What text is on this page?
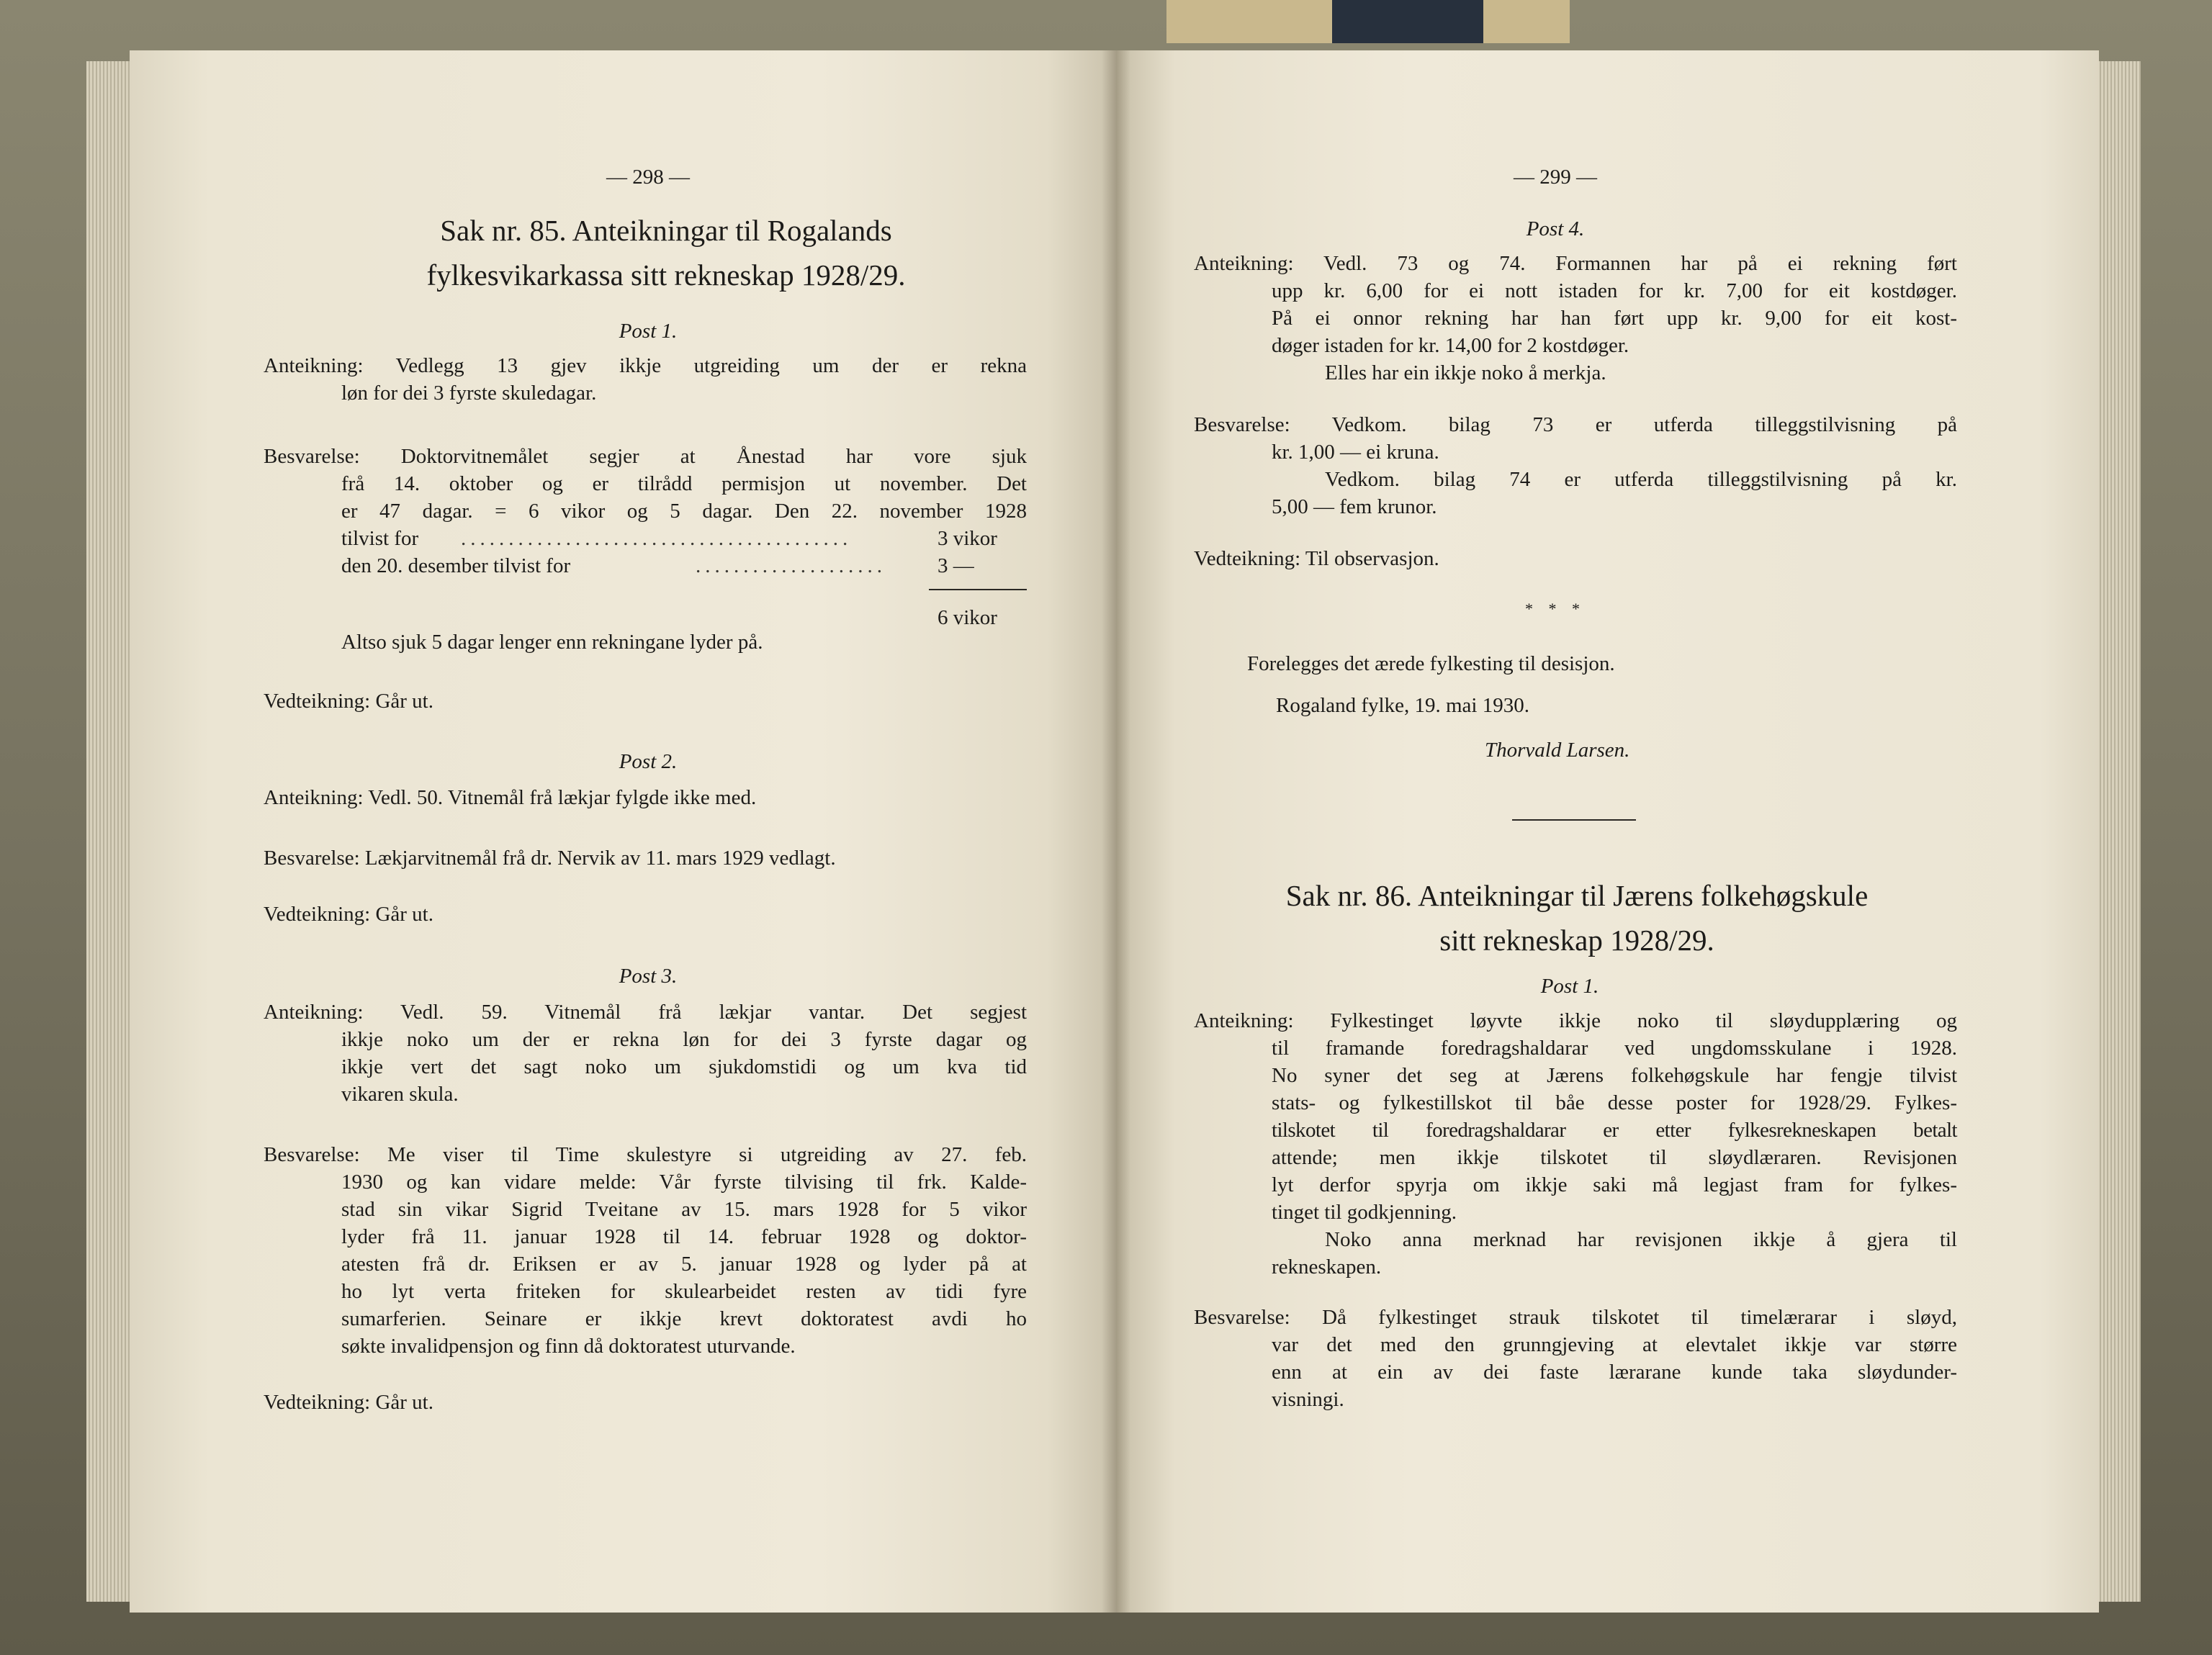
— 298 —
Sak nr. 85. Anteikningar til Rogalands
fylkesvikarkassa sitt rekneskap 1928/29.
Post 1.
Anteikning: Vedlegg 13 gjev ikkje utgreiding um der er rekna
løn for dei 3 fyrste skuledagar.
Besvarelse: Doktorvitnemålet segjer at Ånestad har vore sjuk
frå 14. oktober og er tilrådd permisjon ut november. Det
er 47 dagar. = 6 vikor og 5 dagar. Den 22. november 1928
tilvist for .........................................	3 vikor
den 20. desember tilvist for	.................... 3 —
6 vikor
Altso sjuk 5 dagar lenger enn rekningane lyder på.
Vedteikning: Går ut.
Post 2.
Anteikning: Vedl. 50. Vitnemål frå lækjar fylgde ikke med.
Besvarelse: Lækjarvitnemål frå dr. Nervik av 11. mars 1929 vedlagt.
Vedteikning: Går ut.
Post 3.
Anteikning: Vedl. 59. Vitnemål frå lækjar vantar. Det segjest
ikkje noko um der er rekna løn for dei 3 fyrste dagar og
ikkje vert det sagt noko um sjukdomstidi og um kva tid
vikaren skula.
Besvarelse: Me viser til Time skulestyre si utgreiding av 27. feb.
1930 og kan vidare melde: Vår fyrste tilvising til frk. Kalde-
stad sin vikar Sigrid Tveitane av 15. mars 1928 for 5 vikor
lyder frå 11. januar 1928 til 14. februar 1928 og doktor-
atesten frå dr. Eriksen er av 5. januar 1928 og lyder på at
ho lyt verta friteken for skulearbeidet resten av tidi fyre
sumarferien. Seinare er ikkje krevt doktoratest avdi ho
søkte invalidpensjon og finn då doktoratest uturvande.
Vedteikning: Går ut.
— 299 —
Post 4.
Anteikning: Vedl. 73 og 74. Formannen har på ei rekning ført
upp kr. 6,00 for ei nott istaden for kr. 7,00 for eit kostdøger.
På ei onnor rekning har han ført upp kr. 9,00 for eit kost-
døger istaden for kr. 14,00 for 2 kostdøger.
Elles har ein ikkje noko å merkja.
Besvarelse: Vedkom. bilag 73 er utferda tilleggstilvisning på
kr. 1,00 — ei kruna.
Vedkom. bilag 74 er utferda tilleggstilvisning på kr.
5,00 — fem krunor.
Vedteikning: Til observasjon.
* * *
Forelegges det ærede fylkesting til desisjon.
Rogaland fylke, 19. mai 1930.
Thorvald Larsen.
Sak nr. 86. Anteikningar til Jærens folkehøgskule
sitt rekneskap 1928/29.
Post 1.
Anteikning: Fylkestinget løyvte ikkje noko til sløydupplæring og
til framande foredragshaldarar ved ungdomsskulane i 1928.
No syner det seg at Jærens folkehøgskule har fengje tilvist
stats- og fylkestillskot til båe desse poster for 1928/29. Fylkes-
tilskotet til foredragshaldarar er etter fylkesrekneskapen betalt
attende; men ikkje tilskotet til sløydlæraren. Revisjonen
lyt derfor spyrja om ikkje saki må legjast fram for fylkes-
tinget til godkjenning.
Noko anna merknad har revisjonen ikkje å gjera til
rekneskapen.
Besvarelse: Då fylkestinget strauk tilskotet til timelærarar i sløyd,
var det med den grunngjeving at elevtalet ikkje var større
enn at ein av dei faste lærarane kunde taka sløydunder-
visningi.
